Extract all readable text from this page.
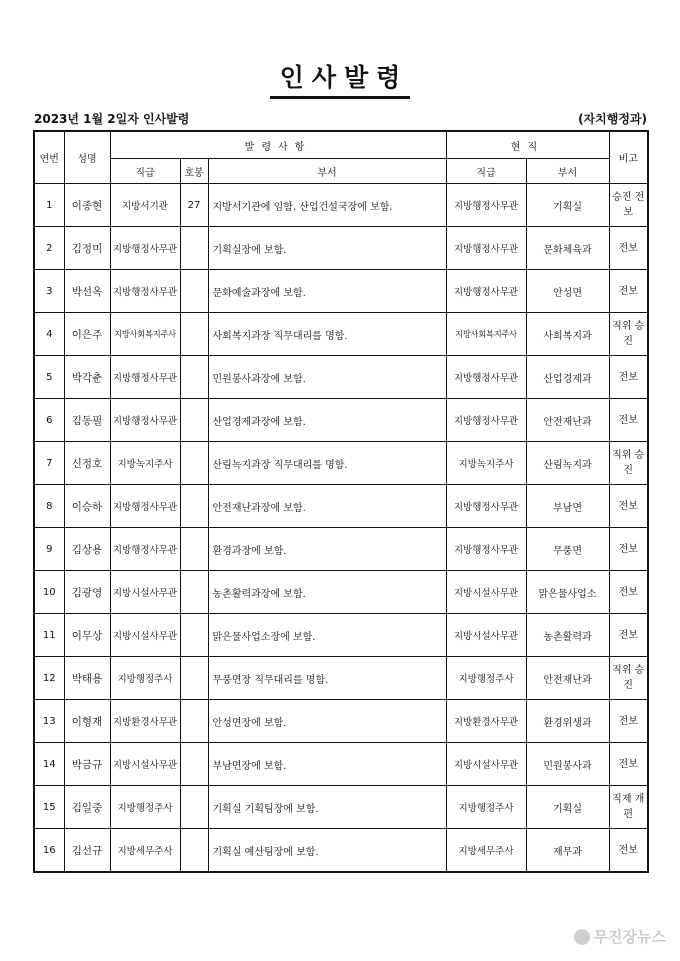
인사발령
2023년 1월 2일자 인사발령	(자치행정과)
연번	성명	발령사항			현직		비고
		직급	호봉	부서	직급	부서	
1	이종현	지방서기관	27	지방서기관에 임함. 산업건설국장에 보함.	지방행정사무관	기획실	승진 전보
2	김정미	지방행정사무관		기획실장에 보함.	지방행정사무관	문화체육과	전보
3	박선옥	지방행정사무관		문화예술과장에 보함.	지방행정사무관	안성면	전보
4	이은주	지방사회복지주사		사회복지과장 직무대리를 명함.	지방사회복지주사	사회복지과	직위 승진
5	박각춘	지방행정사무관		민원봉사과장에 보함.	지방행정사무관	산업경제과	전보
6	김동필	지방행정사무관		산업경제과장에 보함.	지방행정사무관	안전재난과	전보
7	신정호	지방녹지주사		산림녹지과장 직무대리를 명함.	지방녹지주사	산림녹지과	직위 승진
8	이승하	지방행정사무관		안전재난과장에 보함.	지방행정사무관	부남면	전보
9	김상용	지방행정사무관		환경과장에 보함.	지방행정사무관	무풍면	전보
10	김광영	지방시설사무관		농촌활력과장에 보함.	지방시설사무관	맑은물사업소	전보
11	이무상	지방시설사무관		맑은물사업소장에 보함.	지방시설사무관	농촌활력과	전보
12	박태용	지방행정주사		무풍면장 직무대리를 명함.	지방행정주사	안전재난과	직위 승진
13	이형재	지방환경사무관		안성면장에 보함.	지방환경사무관	환경위생과	전보
14	박금규	지방시설사무관		부남면장에 보함.	지방시설사무관	민원봉사과	전보
15	김일중	지방행정주사		기획실 기획팀장에 보함.	지방행정주사	기획실	직제 개편
16	김선규	지방세무주사		기획실 예산팀장에 보함.	지방세무주사	재무과	전보
무진장뉴스
